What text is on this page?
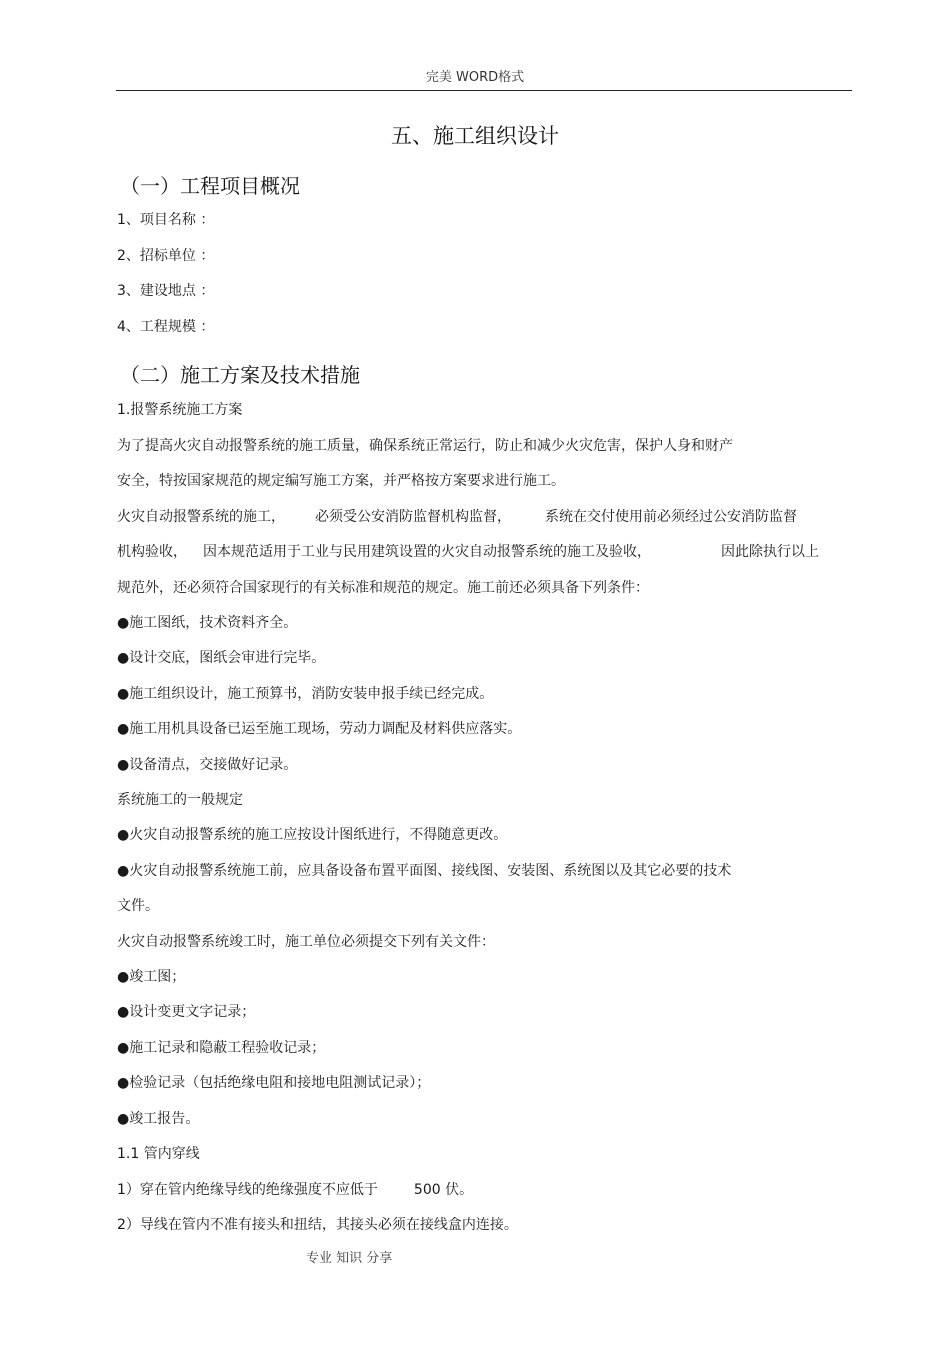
完美 WORD格式
五、施工组织设计
（一）工程项目概况
1、项目名称 ：
2、招标单位 ：
3、建设地点 ：
4、工程规模 ：
（二）施工方案及技术措施
1.报警系统施工方案
为了提高火灾自动报警系统的施工质量，确保系统正常运行，防止和减少火灾危害，保护人身和财产
安全，特按国家规范的规定编写施工方案，并严格按方案要求进行施工。
火灾自动报警系统的施工， 必须受公安消防监督机构监督， 系统在交付使用前必须经过公安消防监督
机构验收， 因本规范适用于工业与民用建筑设置的火灾自动报警系统的施工及验收，	因此除执行以上
规范外，还必须符合国家现行的有关标准和规范的规定。施工前还必须具备下列条件：
●施工图纸，技术资料齐全。
●设计交底，图纸会审进行完毕。
●施工组织设计，施工预算书，消防安装申报手续已经完成。
●施工用机具设备已运至施工现场，劳动力调配及材料供应落实。
●设备清点，交接做好记录。
系统施工的一般规定
●火灾自动报警系统的施工应按设计图纸进行，不得随意更改。
●火灾自动报警系统施工前，应具备设备布置平面图、接线图、安装图、系统图以及其它必要的技术
文件。
火灾自动报警系统竣工时，施工单位必须提交下列有关文件：
●竣工图；
●设计变更文字记录；
●施工记录和隐蔽工程验收记录；
●检验记录（包括绝缘电阻和接地电阻测试记录）；
●竣工报告。
1.1 管内穿线
1）穿在管内绝缘导线的绝缘强度不应低于	500 伏。
2）导线在管内不准有接头和扭结，其接头必须在接线盒内连接。
专业 知识 分享
